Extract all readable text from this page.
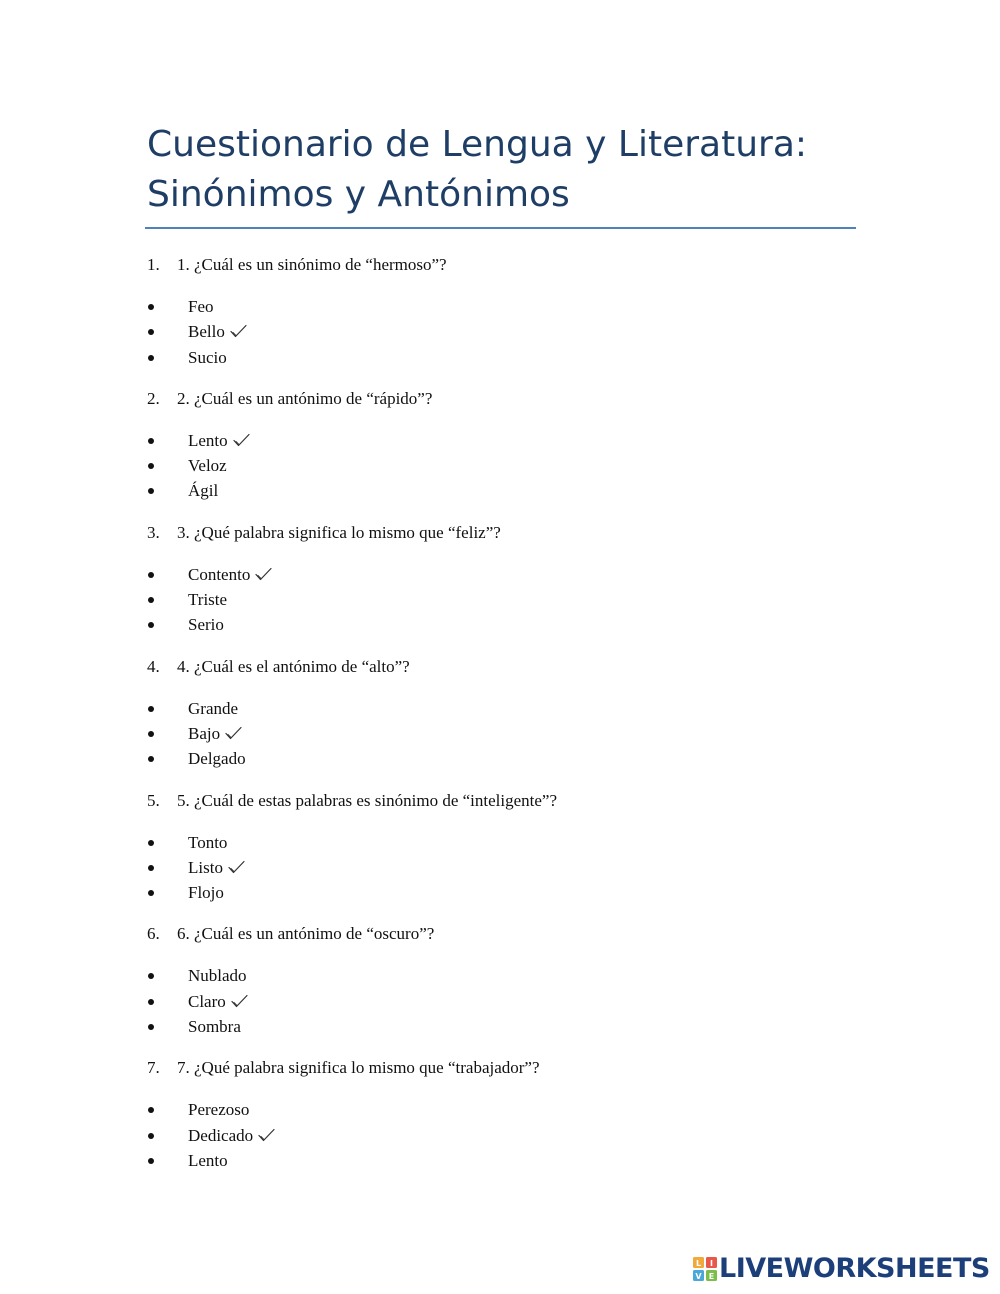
Cuestionario de Lengua y Literatura:
Sinónimos y Antónimos
1. 1. ¿Cuál es un sinónimo de “hermoso”?
Feo
Bello
Sucio
2. 2. ¿Cuál es un antónimo de “rápido”?
Lento
Veloz
Ágil
3. 3. ¿Qué palabra significa lo mismo que “feliz”?
Contento
Triste
Serio
4. 4. ¿Cuál es el antónimo de “alto”?
Grande
Bajo
Delgado
5. 5. ¿Cuál de estas palabras es sinónimo de “inteligente”?
Tonto
Listo
Flojo
6. 6. ¿Cuál es un antónimo de “oscuro”?
Nublado
Claro
Sombra
7. 7. ¿Qué palabra significa lo mismo que “trabajador”?
Perezoso
Dedicado
Lento
L I
V E LIVEWORKSHEETS
